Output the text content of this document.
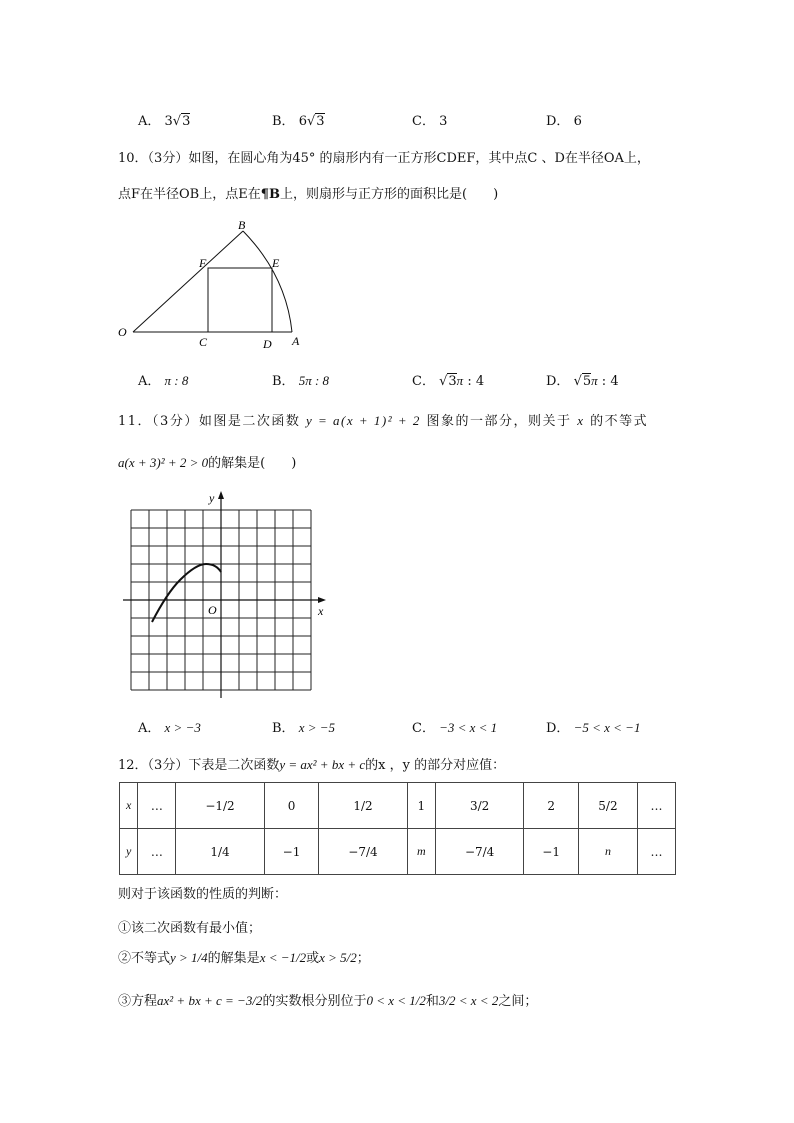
A． 3√3	B． 6√3	C． 3	D． 6
10．（3分）如图，在圆心角为45° 的扇形内有一正方形CDEF，其中点C 、D在半径OA上，
点F在半径OB上，点E在¶B上，则扇形与正方形的面积比是(　　)
O
A
B
C	D
E
F
A． π : 8	B． 5π : 8	C． √3π : 4	D． √5π : 4
11．（3分）如图是二次函数 y = a(x + 1)² + 2 图象的一部分，则关于 x 的不等式
a(x + 3)² + 2 > 0的解集是(　　)
x
y
O
A． x > −3	B． x > −5	C． −3 < x < 1	D． −5 < x < −1
12．（3分）下表是二次函数y = ax² + bx + c的x ，y 的部分对应值：
x	…	−1/2	0	1/2	1	3/2	2	5/2	…
y	…	1/4	−1	−7/4	m	−7/4	−1	n	…
则对于该函数的性质的判断：
①该二次函数有最小值；
②不等式y > 1/4的解集是x < −1/2或x > 5/2；
③方程ax² + bx + c = −3/2的实数根分别位于0 < x < 1/2和3/2 < x < 2之间；
